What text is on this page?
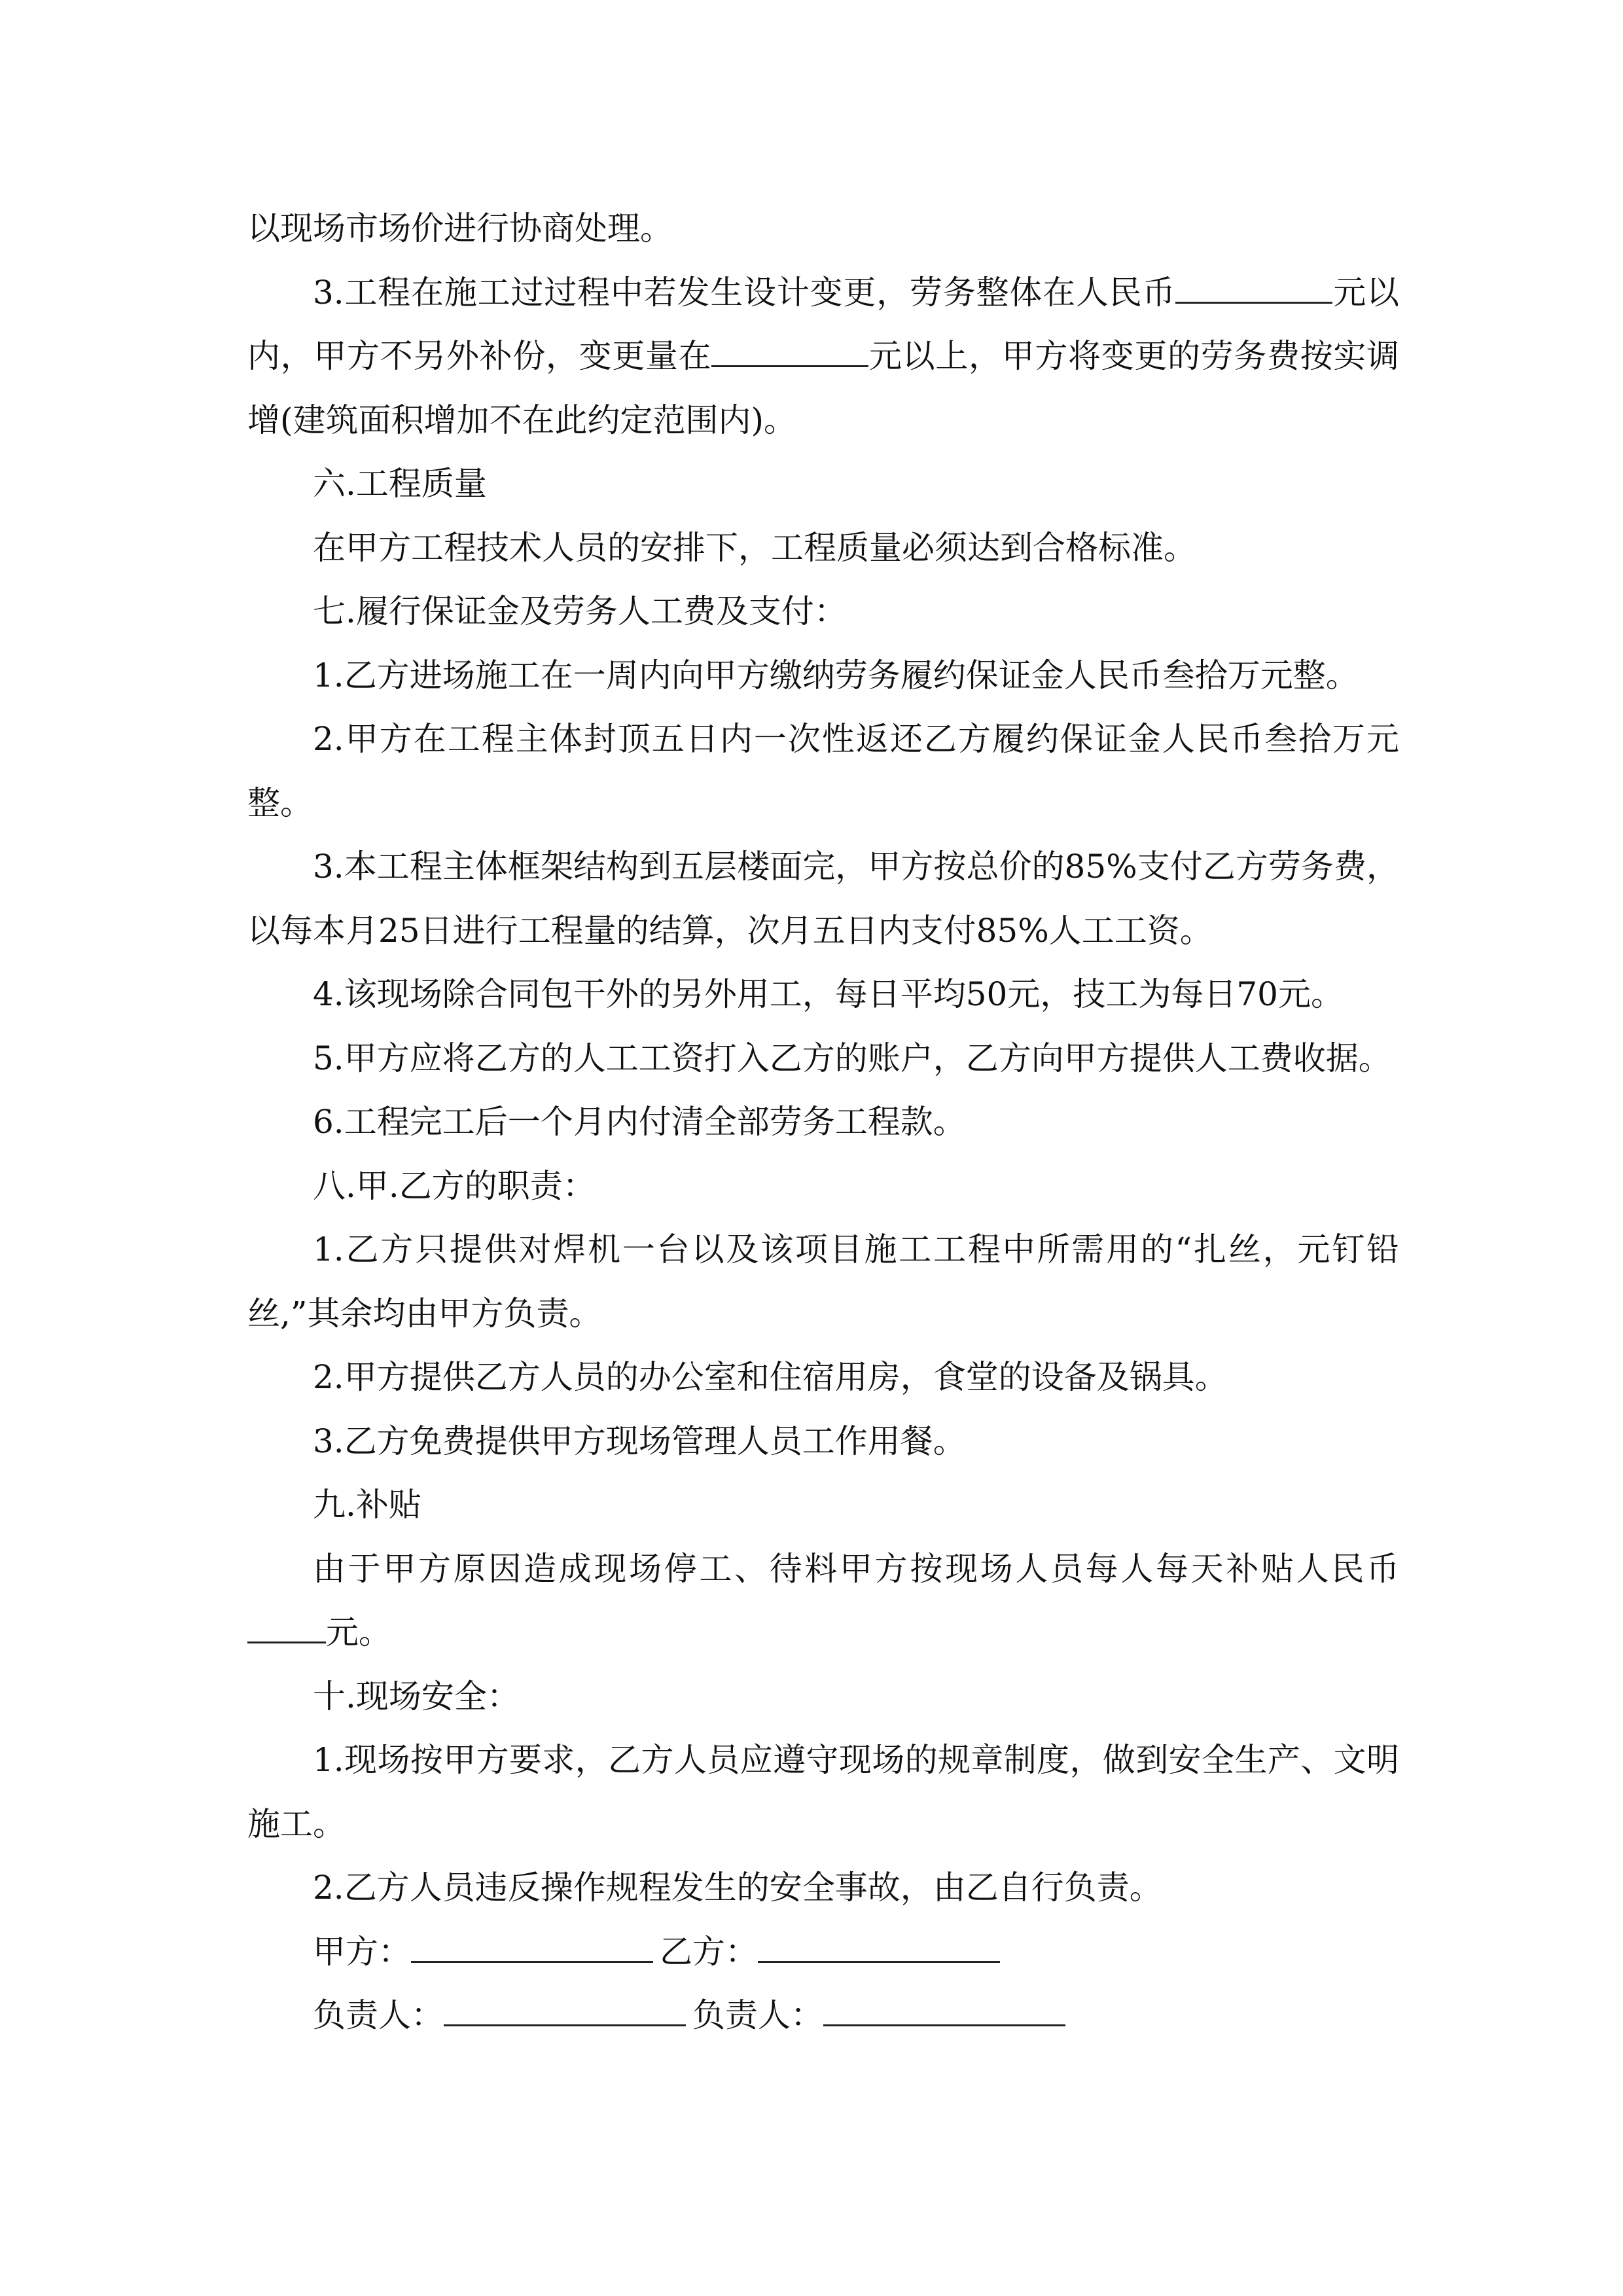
以现场市场价进行协商处理。

3.工程在施工过过程中若发生设计变更，劳务整体在人民币	元以内，甲方不另外补份，变更量在	元以上，甲方将变更的劳务费按实调增(建筑面积增加不在此约定范围内)。

六.工程质量

在甲方工程技术人员的安排下，工程质量必须达到合格标准。

七.履行保证金及劳务人工费及支付：

1.乙方进场施工在一周内向甲方缴纳劳务履约保证金人民币叁拾万元整。

2.甲方在工程主体封顶五日内一次性返还乙方履约保证金人民币叁拾万元整。

3.本工程主体框架结构到五层楼面完，甲方按总价的85%支付乙方劳务费，以每本月25日进行工程量的结算，次月五日内支付85%人工工资。

4.该现场除合同包干外的另外用工，每日平均50元，技工为每日70元。

5.甲方应将乙方的人工工资打入乙方的账户，乙方向甲方提供人工费收据。

6.工程完工后一个月内付清全部劳务工程款。

八.甲.乙方的职责：

1.乙方只提供对焊机一台以及该项目施工工程中所需用的“扎丝，元钉铅丝,”其余均由甲方负责。

2.甲方提供乙方人员的办公室和住宿用房，食堂的设备及锅具。

3.乙方免费提供甲方现场管理人员工作用餐。

九.补贴

由于甲方原因造成现场停工、待料甲方按现场人员每人每天补贴人民币元。

十.现场安全：

1.现场按甲方要求，乙方人员应遵守现场的规章制度，做到安全生产、文明施工。

2.乙方人员违反操作规程发生的安全事故，由乙自行负责。

甲方：	乙方：
负责人：	负责人：
